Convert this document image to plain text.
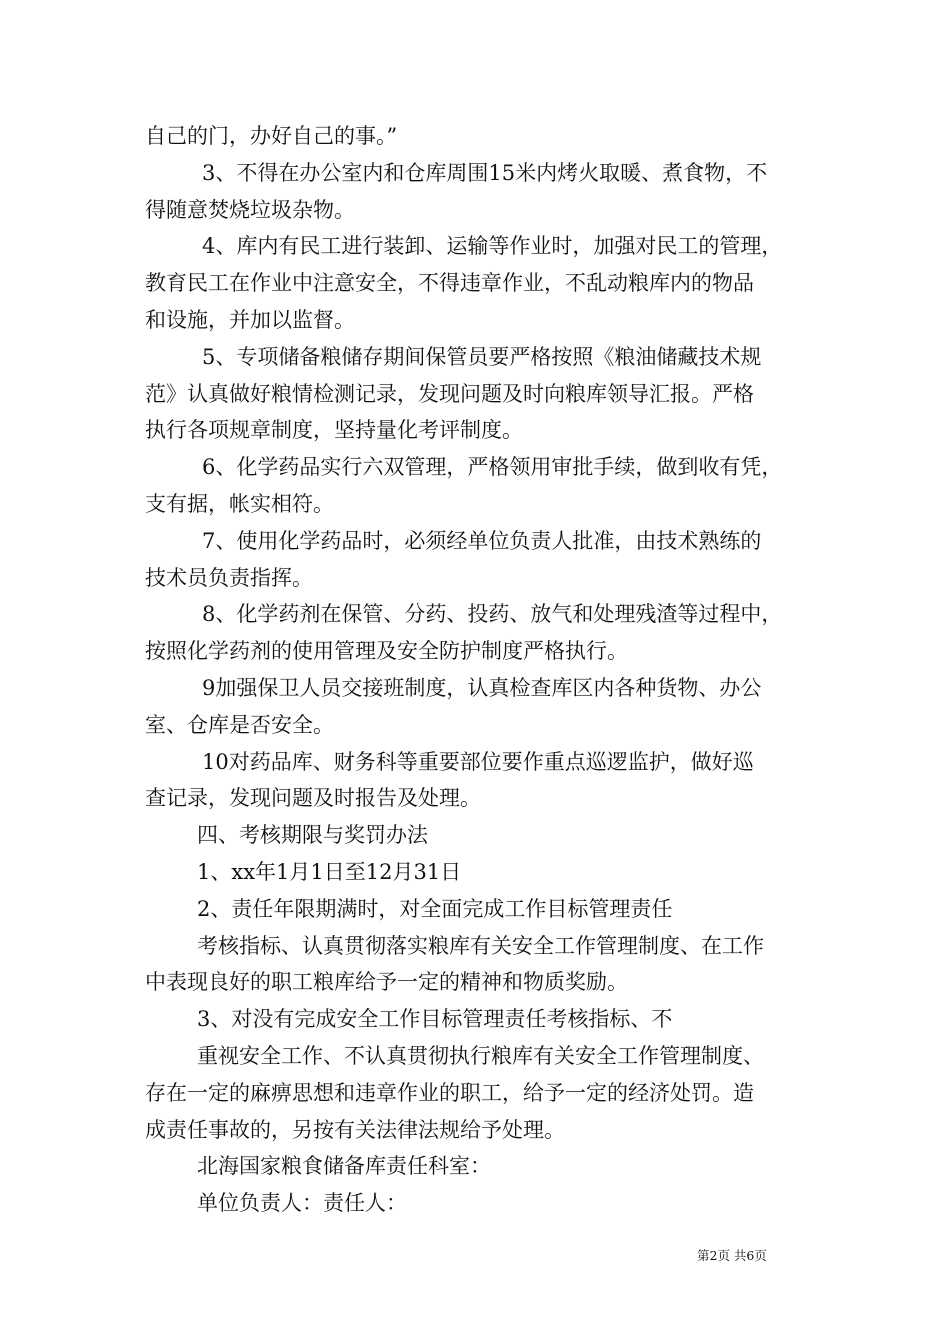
自己的门，办好自己的事。”
3、不得在办公室内和仓库周围15米内烤火取暖、煮食物，不
得随意焚烧垃圾杂物。
4、库内有民工进行装卸、运输等作业时，加强对民工的管理，
教育民工在作业中注意安全，不得违章作业，不乱动粮库内的物品
和设施，并加以监督。
5、专项储备粮储存期间保管员要严格按照《粮油储藏技术规
范》认真做好粮情检测记录，发现问题及时向粮库领导汇报。严格
执行各项规章制度，坚持量化考评制度。
6、化学药品实行六双管理，严格领用审批手续，做到收有凭，
支有据，帐实相符。
7、使用化学药品时，必须经单位负责人批准，由技术熟练的
技术员负责指挥。
8、化学药剂在保管、分药、投药、放气和处理残渣等过程中，
按照化学药剂的使用管理及安全防护制度严格执行。
9加强保卫人员交接班制度，认真检查库区内各种货物、办公
室、仓库是否安全。
10对药品库、财务科等重要部位要作重点巡逻监护，做好巡
查记录，发现问题及时报告及处理。
四、考核期限与奖罚办法
1、xx年1月1日至12月31日
2、责任年限期满时，对全面完成工作目标管理责任
考核指标、认真贯彻落实粮库有关安全工作管理制度、在工作
中表现良好的职工粮库给予一定的精神和物质奖励。
3、对没有完成安全工作目标管理责任考核指标、不
重视安全工作、不认真贯彻执行粮库有关安全工作管理制度、
存在一定的麻痹思想和违章作业的职工，给予一定的经济处罚。造
成责任事故的，另按有关法律法规给予处理。
北海国家粮食储备库责任科室：
单位负责人：责任人：
第2页 共6页
